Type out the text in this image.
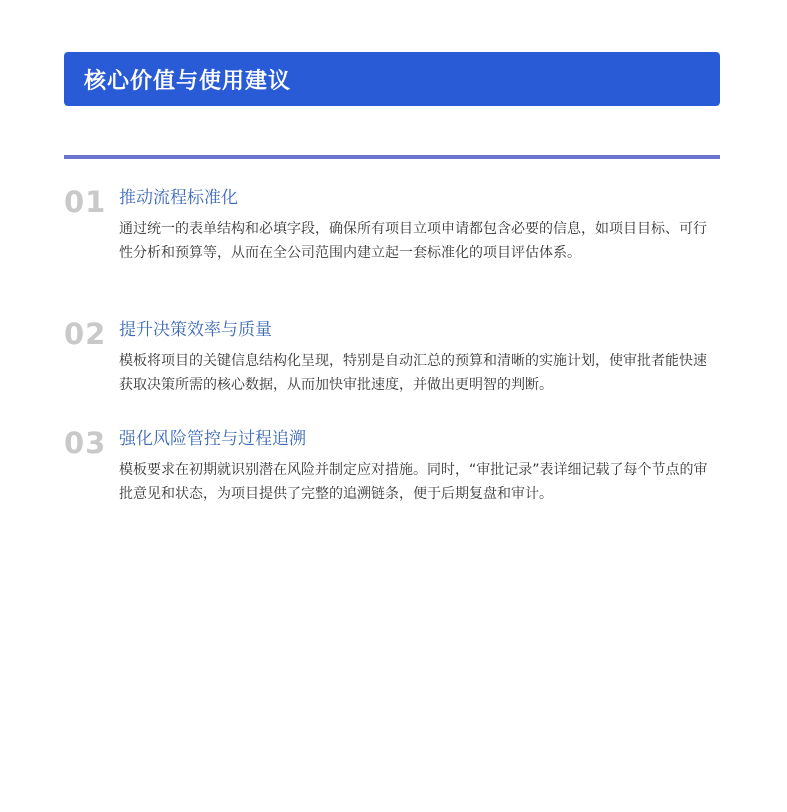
核心价值与使用建议
01 推动流程标准化

通过统一的表单结构和必填字段，确保所有项目立项申请都包含必要的信息，如项目目标、可行性分析和预算等，从而在全公司范围内建立起一套标准化的项目评估体系。

02 提升决策效率与质量

模板将项目的关键信息结构化呈现，特别是自动汇总的预算和清晰的实施计划，使审批者能快速获取决策所需的核心数据，从而加快审批速度，并做出更明智的判断。

03 强化风险管控与过程追溯

模板要求在初期就识别潜在风险并制定应对措施。同时，“审批记录”表详细记载了每个节点的审批意见和状态，为项目提供了完整的追溯链条，便于后期复盘和审计。
